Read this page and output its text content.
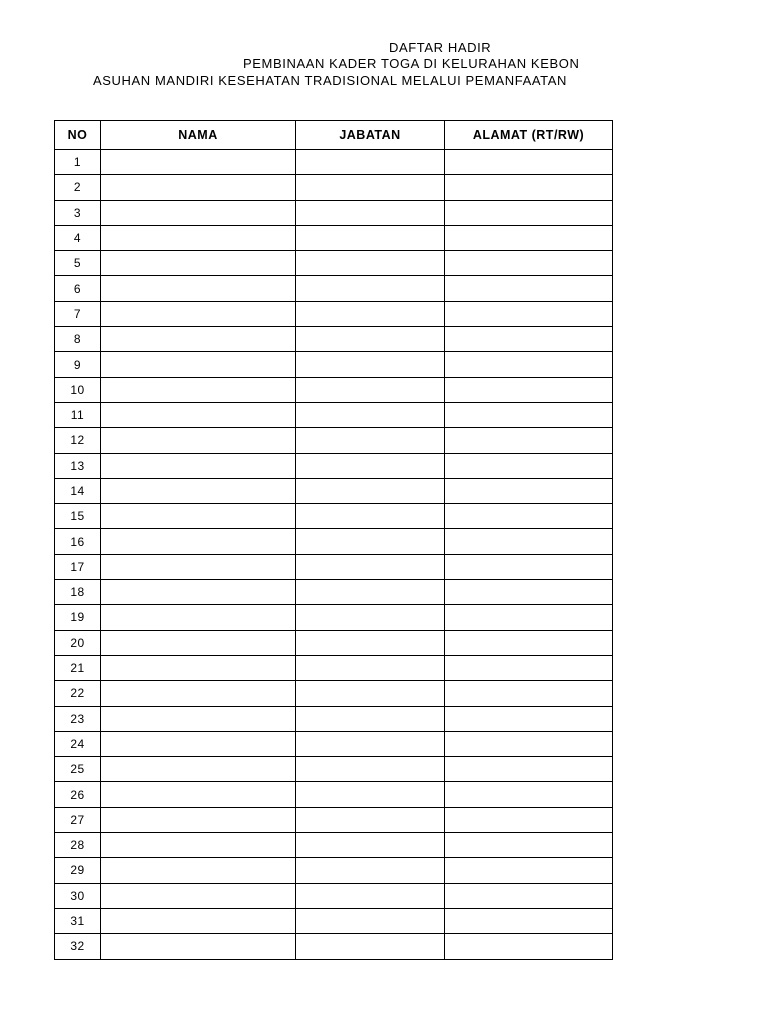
DAFTAR HADIR
PEMBINAAN KADER TOGA DI KELURAHAN KEBON
ASUHAN MANDIRI KESEHATAN TRADISIONAL MELALUI PEMANFAATAN
NO	NAMA	JABATAN	ALAMAT (RT/RW)
1			
2			
3			
4			
5			
6			
7			
8			
9			
10			
11			
12			
13			
14			
15			
16			
17			
18			
19			
20			
21			
22			
23			
24			
25			
26			
27			
28			
29			
30			
31			
32			
